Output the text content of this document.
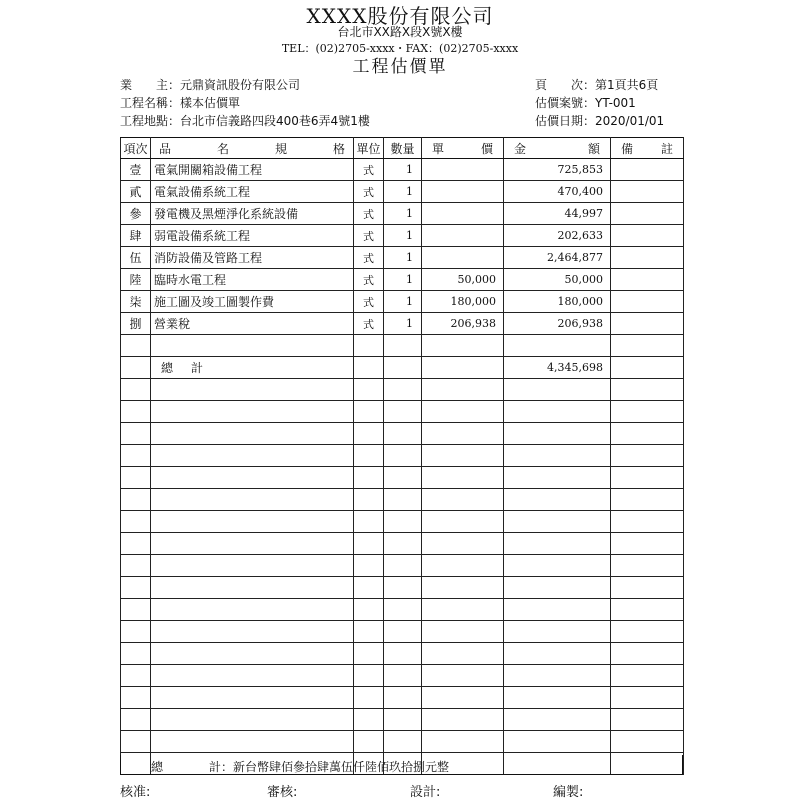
XXXX股份有限公司
台北市XX路X段X號X樓
TEL：(02)2705-xxxx・FAX：(02)2705-xxxx
工程估價單
業　　主：元鼎資訊股份有限公司
工程名稱：樣本估價單
工程地點：台北市信義路四段400巷6弄4號1樓
頁　　次：第1頁共6頁
估價案號：YT-001
估價日期：2020/01/01
項次	品 名 規 格	單位	數量	單 價	金 額	備 註

壹	電氣開關箱設備工程	式	1		725,853	
貳	電氣設備系統工程	式	1		470,400	
參	發電機及黑煙淨化系統設備	式	1		44,997	
肆	弱電設備系統工程	式	1		202,633	
伍	消防設備及管路工程	式	1		2,464,877	
陸	臨時水電工程	式	1	50,000	50,000	
柒	施工圖及竣工圖製作費	式	1	180,000	180,000	
捌	營業稅	式	1	206,938	206,938	

	總 計				4,345,698	

總	計：新台幣肆佰參拾肆萬伍仟陸佰玖拾捌元整
核准:	審核:	設計:	編製:
